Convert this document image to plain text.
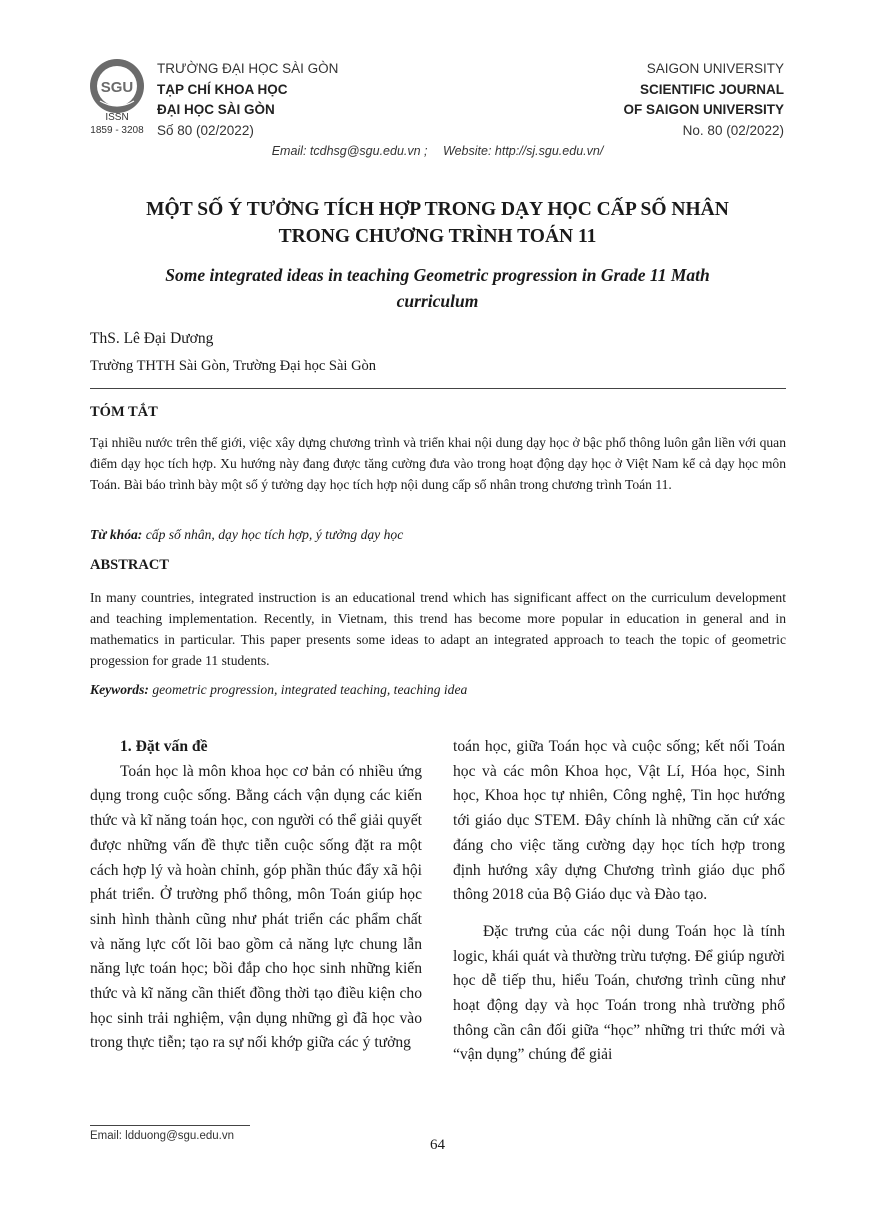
SGU
ISSN
1859 - 3208
TRƯỜNG ĐẠI HỌC SÀI GÒN
TẠP CHÍ KHOA HỌC
ĐẠI HỌC SÀI GÒN
Số 80 (02/2022)
SAIGON UNIVERSITY
SCIENTIFIC JOURNAL
OF SAIGON UNIVERSITY
No. 80 (02/2022)
Email: tcdhsg@sgu.edu.vn ; Website: http://sj.sgu.edu.vn/
MỘT SỐ Ý TƯỞNG TÍCH HỢP TRONG DẠY HỌC CẤP SỐ NHÂN
TRONG CHƯƠNG TRÌNH TOÁN 11
Some integrated ideas in teaching Geometric progression in Grade 11 Math
curriculum
ThS. Lê Đại Dương
Trường THTH Sài Gòn, Trường Đại học Sài Gòn
TÓM TẮT
Tại nhiều nước trên thế giới, việc xây dựng chương trình và triển khai nội dung dạy học ở bậc phổ thông luôn gắn liền với quan điểm dạy học tích hợp. Xu hướng này đang được tăng cường đưa vào trong hoạt động dạy học ở Việt Nam kể cả dạy học môn Toán. Bài báo trình bày một số ý tưởng dạy học tích hợp nội dung cấp số nhân trong chương trình Toán 11.
Từ khóa: cấp số nhân, dạy học tích hợp, ý tưởng dạy học
ABSTRACT
In many countries, integrated instruction is an educational trend which has significant affect on the curriculum development and teaching implementation. Recently, in Vietnam, this trend has become more popular in education in general and in mathematics in particular. This paper presents some ideas to adapt an integrated approach to teach the topic of geometric progession for grade 11 students.
Keywords: geometric progression, integrated teaching, teaching idea
1. Đặt vấn đề

Toán học là môn khoa học cơ bản có nhiều ứng dụng trong cuộc sống. Bằng cách vận dụng các kiến thức và kĩ năng toán học, con người có thể giải quyết được những vấn đề thực tiễn cuộc sống đặt ra một cách hợp lý và hoàn chỉnh, góp phần thúc đẩy xã hội phát triển. Ở trường phổ thông, môn Toán giúp học sinh hình thành cũng như phát triển các phẩm chất và năng lực cốt lõi bao gồm cả năng lực chung lẫn năng lực toán học; bồi đắp cho học sinh những kiến thức và kĩ năng cần thiết đồng thời tạo điều kiện cho học sinh trải nghiệm, vận dụng những gì đã học vào trong thực tiễn; tạo ra sự nối khớp giữa các ý tưởng

toán học, giữa Toán học và cuộc sống; kết nối Toán học và các môn Khoa học, Vật Lí, Hóa học, Sinh học, Khoa học tự nhiên, Công nghệ, Tin học hướng tới giáo dục STEM. Đây chính là những căn cứ xác đáng cho việc tăng cường dạy học tích hợp trong định hướng xây dựng Chương trình giáo dục phổ thông 2018 của Bộ Giáo dục và Đào tạo.

Đặc trưng của các nội dung Toán học là tính logic, khái quát và thường trừu tượng. Để giúp người học dễ tiếp thu, hiểu Toán, chương trình cũng như hoạt động dạy và học Toán trong nhà trường phổ thông cần cân đối giữa “học” những tri thức mới và “vận dụng” chúng để giải

Email: ldduong@sgu.edu.vn
64
